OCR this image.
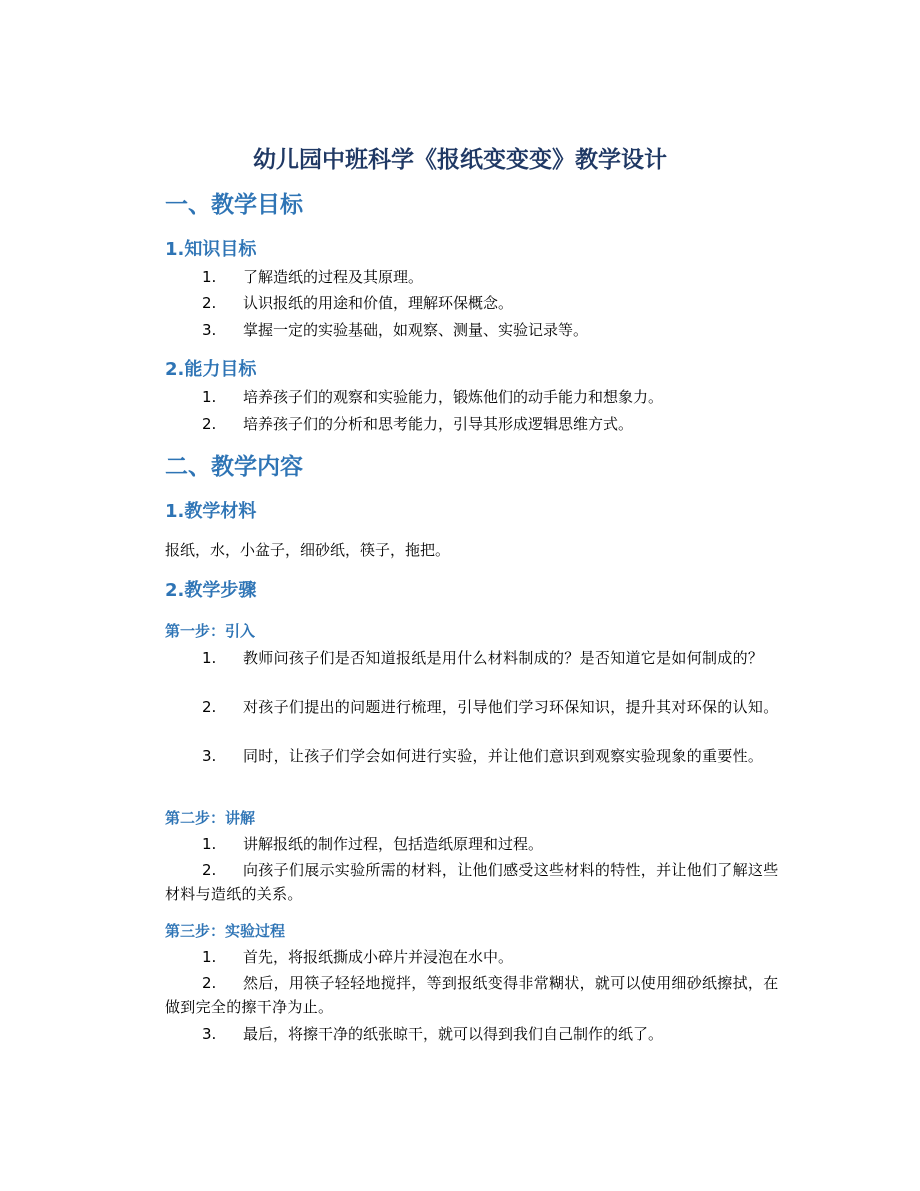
幼儿园中班科学《报纸变变变》教学设计
一、教学目标
1.知识目标
1.	了解造纸的过程及其原理。
2.	认识报纸的用途和价值，理解环保概念。
3.	掌握一定的实验基础，如观察、测量、实验记录等。
2.能力目标
1.	培养孩子们的观察和实验能力，锻炼他们的动手能力和想象力。
2.	培养孩子们的分析和思考能力，引导其形成逻辑思维方式。
二、教学内容
1.教学材料

报纸，水，小盆子，细砂纸，筷子，拖把。

2.教学步骤
第一步：引入
1.	教师问孩子们是否知道报纸是用什么材料制成的？是否知道它是如何制成的？
2.	对孩子们提出的问题进行梳理，引导他们学习环保知识，提升其对环保的认知。
3.	同时，让孩子们学会如何进行实验，并让他们意识到观察实验现象的重要性。
第二步：讲解
1.	讲解报纸的制作过程，包括造纸原理和过程。
2.	向孩子们展示实验所需的材料，让他们感受这些材料的特性，并让他们了解这些材料与造纸的关系。
第三步：实验过程
1.	首先，将报纸撕成小碎片并浸泡在水中。
2.	然后，用筷子轻轻地搅拌，等到报纸变得非常糊状，就可以使用细砂纸擦拭，在做到完全的擦干净为止。
3.	最后，将擦干净的纸张晾干，就可以得到我们自己制作的纸了。
